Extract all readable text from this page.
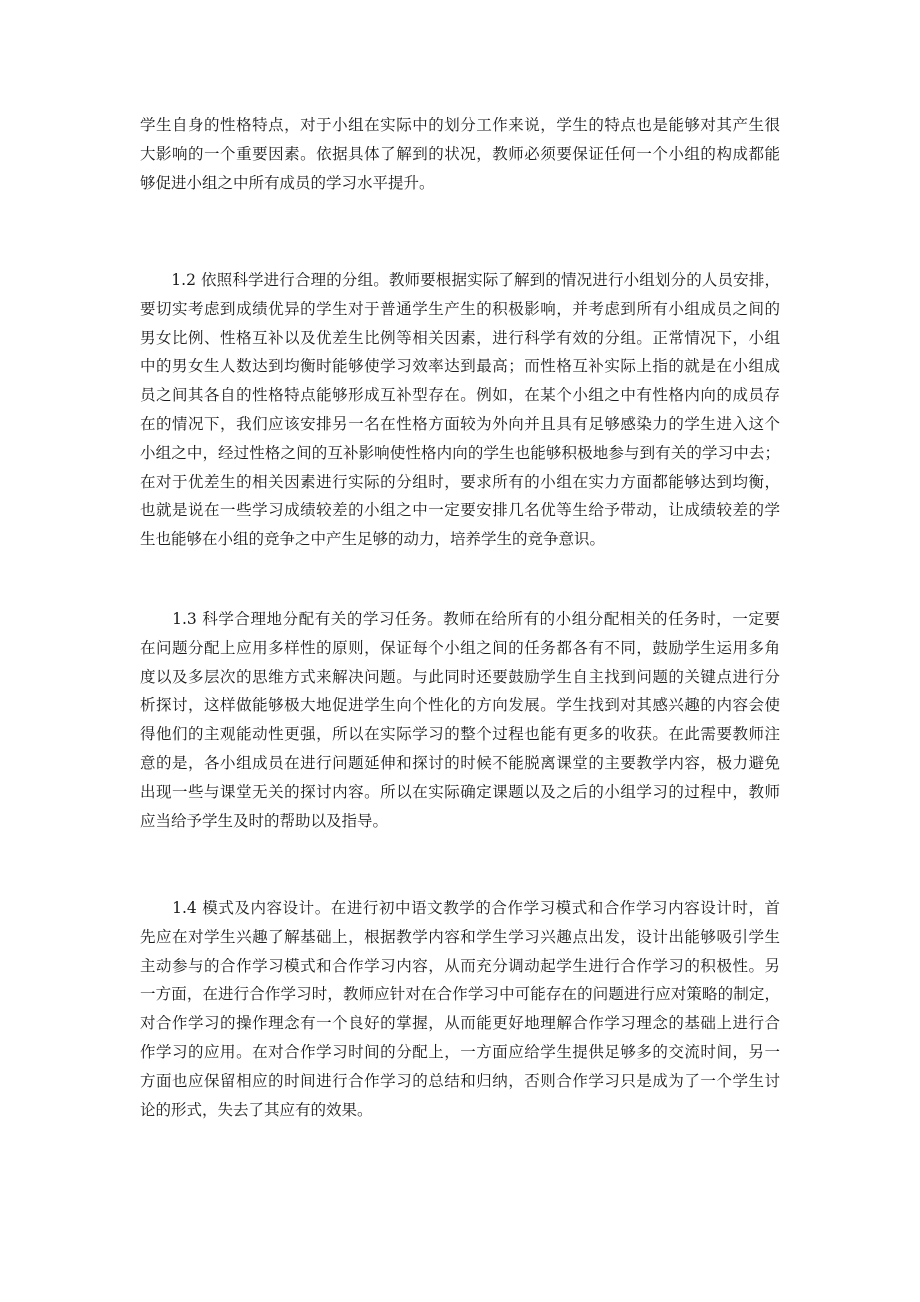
学生自身的性格特点，对于小组在实际中的划分工作来说，学生的特点也是能够对其产生很
大影响的一个重要因素。依据具体了解到的状况，教师必须要保证任何一个小组的构成都能
够促进小组之中所有成员的学习水平提升。

　　1.2 依照科学进行合理的分组。教师要根据实际了解到的情况进行小组划分的人员安排，
要切实考虑到成绩优异的学生对于普通学生产生的积极影响，并考虑到所有小组成员之间的
男女比例、性格互补以及优差生比例等相关因素，进行科学有效的分组。正常情况下，小组
中的男女生人数达到均衡时能够使学习效率达到最高；而性格互补实际上指的就是在小组成
员之间其各自的性格特点能够形成互补型存在。例如，在某个小组之中有性格内向的成员存
在的情况下，我们应该安排另一名在性格方面较为外向并且具有足够感染力的学生进入这个
小组之中，经过性格之间的互补影响使性格内向的学生也能够积极地参与到有关的学习中去；
在对于优差生的相关因素进行实际的分组时，要求所有的小组在实力方面都能够达到均衡，
也就是说在一些学习成绩较差的小组之中一定要安排几名优等生给予带动，让成绩较差的学
生也能够在小组的竞争之中产生足够的动力，培养学生的竞争意识。

　　1.3 科学合理地分配有关的学习任务。教师在给所有的小组分配相关的任务时，一定要
在问题分配上应用多样性的原则，保证每个小组之间的任务都各有不同，鼓励学生运用多角
度以及多层次的思维方式来解决问题。与此同时还要鼓励学生自主找到问题的关键点进行分
析探讨，这样做能够极大地促进学生向个性化的方向发展。学生找到对其感兴趣的内容会使
得他们的主观能动性更强，所以在实际学习的整个过程也能有更多的收获。在此需要教师注
意的是，各小组成员在进行问题延伸和探讨的时候不能脱离课堂的主要教学内容，极力避免
出现一些与课堂无关的探讨内容。所以在实际确定课题以及之后的小组学习的过程中，教师
应当给予学生及时的帮助以及指导。

　　1.4 模式及内容设计。在进行初中语文教学的合作学习模式和合作学习内容设计时，首
先应在对学生兴趣了解基础上，根据教学内容和学生学习兴趣点出发，设计出能够吸引学生
主动参与的合作学习模式和合作学习内容，从而充分调动起学生进行合作学习的积极性。另
一方面，在进行合作学习时，教师应针对在合作学习中可能存在的问题进行应对策略的制定，
对合作学习的操作理念有一个良好的掌握，从而能更好地理解合作学习理念的基础上进行合
作学习的应用。在对合作学习时间的分配上，一方面应给学生提供足够多的交流时间，另一
方面也应保留相应的时间进行合作学习的总结和归纳，否则合作学习只是成为了一个学生讨
论的形式，失去了其应有的效果。
